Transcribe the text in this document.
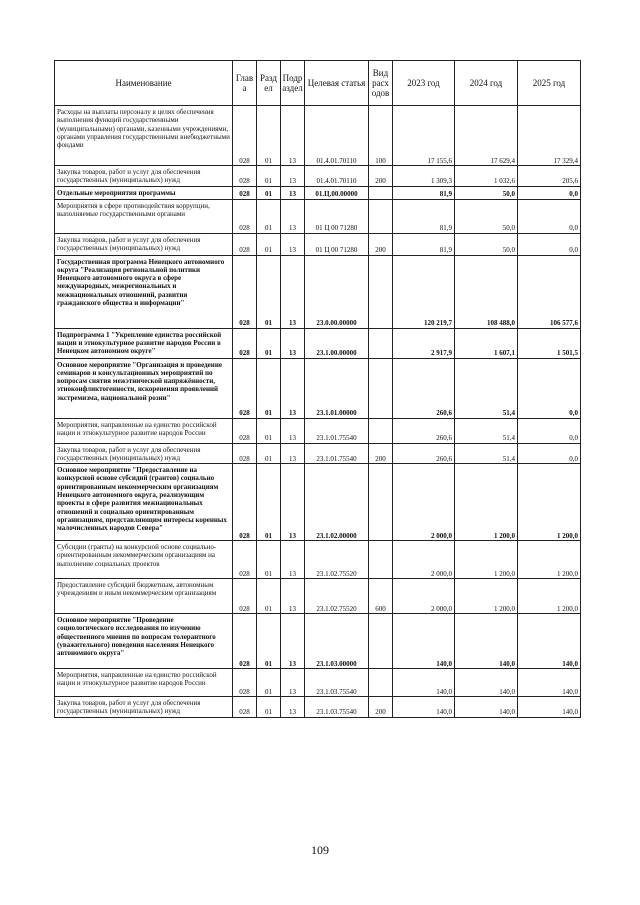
Наименование	Глав а	Разд ел	Подр аздел	Целевая статья	Вид расх одов	2023 год	2024 год	2025 год
Расходы на выплаты персоналу в целях обеспечения выполнения функций государственными (муниципальными) органами, казенными учреждениями, органами управления государственными внебюджетными фондами	028	01	13	01.4.01.70110	100	17 155,6	17 629,4	17 329,4
Закупка товаров, работ и услуг для обеспечения государственных (муниципальных) нужд	028	01	13	01.4.01.70110	200	1 309,3	1 032,6	205,6
Отдельные мероприятия программы	028	01	13	01.Ц.00.00000		81,9	50,0	0,0
Мероприятия в сфере противодействия коррупции, выполняемые государственными органами	028	01	13	01 Ц 00 71280		81,9	50,0	0,0
Закупка товаров, работ и услуг для обеспечения государственных (муниципальных) нужд	028	01	13	01 Ц 00 71280	200	81,9	50,0	0,0
Государственная программа Ненецкого автономного округа "Реализация региональной политики Ненецкого автономного округа в сфере международных, межрегиональных и межнациональных отношений, развития гражданского общества и информации"	028	01	13	23.0.00.00000		120 219,7	108 488,0	106 577,6
Подпрограмма 1 "Укрепление единства российской нации и этнокультурное развитие народов России в Ненецком автономном округе"	028	01	13	23.1.00.00000		2 917,9	1 607,1	1 501,5
Основное мероприятие "Организация и проведение семинаров и консультационных мероприятий по вопросам снятия межэтнической напряжённости, этноконфликтогенности, искоренения проявлений экстремизма, национальной розни"	028	01	13	23.1.01.00000		260,6	51,4	0,0
Мероприятия, направленные на единство российской нации и этнокультурное развитие народов России	028	01	13	23.1.01.75540		260,6	51,4	0,0
Закупка товаров, работ и услуг для обеспечения государственных (муниципальных) нужд	028	01	13	23.1.01.75540	200	260,6	51,4	0,0
Основное мероприятие "Предоставление на конкурсной основе субсидий (грантов) социально ориентированным некоммерческим организациям Ненецкого автономного округа, реализующим проекты в сфере развития межнациональных отношений и социально ориентированным организациям, представляющим интересы коренных малочисленных народов Севера"	028	01	13	23.1.02.00000		2 000,0	1 200,0	1 200,0
Субсидии (гранты) на конкурсной основе социально-ориентированным некоммерческим организациям на выполнение социальных проектов	028	01	13	23.1.02.75520		2 000,0	1 200,0	1 200,0
Предоставление субсидий бюджетным, автономным учреждениям и иным некоммерческим организациям	028	01	13	23.1.02.75520	600	2 000,0	1 200,0	1 200,0
Основное мероприятие "Проведение социологического исследования по изучению общественного мнения по вопросам толерантного (уважительного) поведения населения Ненецкого автономного округа"	028	01	13	23.1.03.00000		140,0	140,0	140,0
Мероприятия, направленные на единство российской нации и этнокультурное развитие народов России	028	01	13	23.1.03.75540		140,0	140,0	140,0
Закупка товаров, работ и услуг для обеспечения государственных (муниципальных) нужд	028	01	13	23.1.03.75540	200	140,0	140,0	140,0
109
